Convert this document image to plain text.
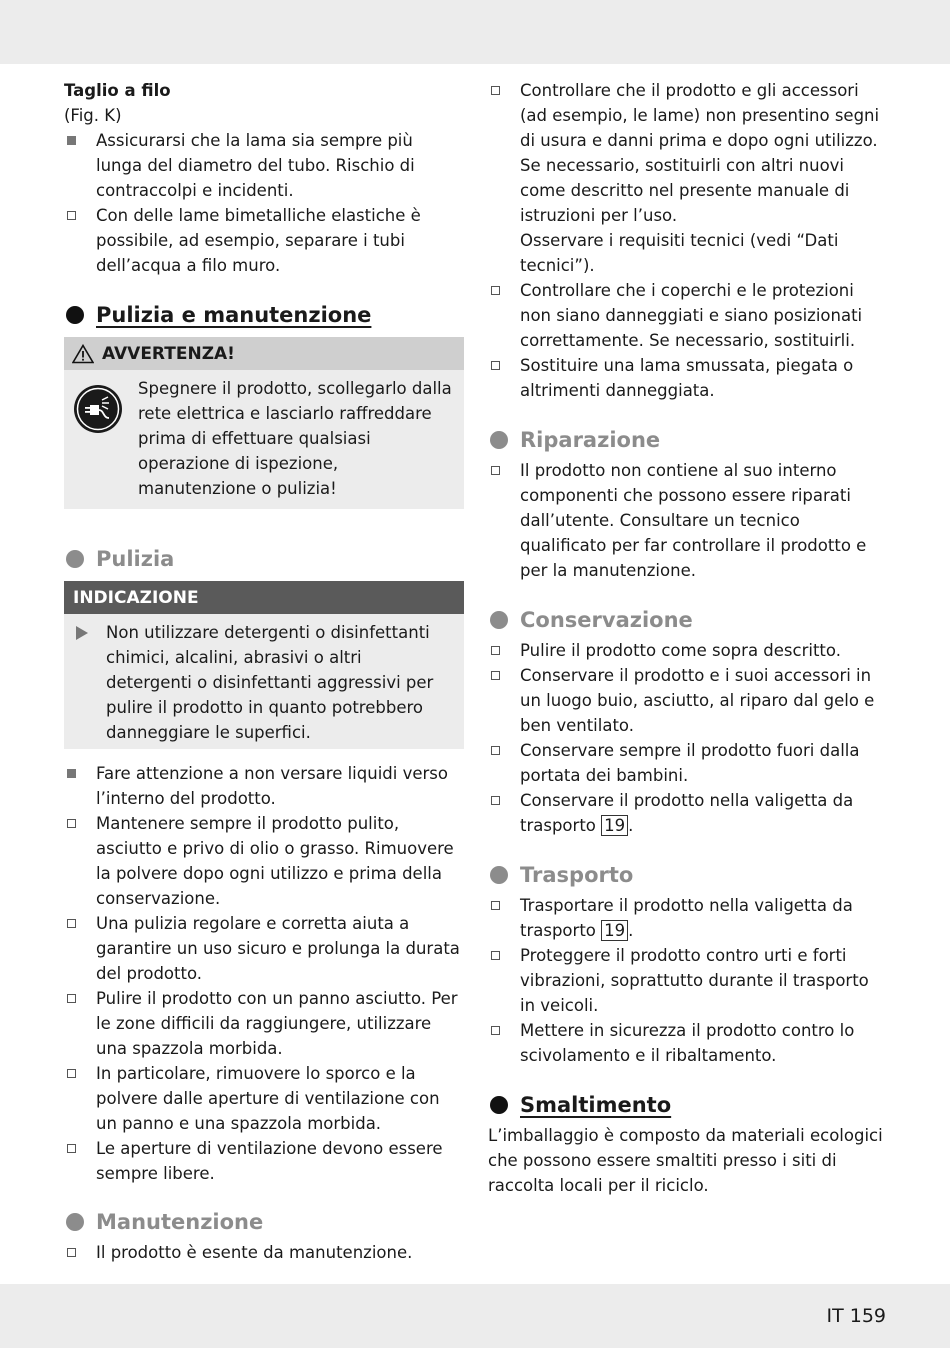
Taglio a filo
(Fig. K)
Assicurarsi che la lama sia sempre più lunga del diametro del tubo. Rischio di contraccolpi e incidenti.
Con delle lame bimetalliche elastiche è possibile, ad esempio, separare i tubi dell’acqua a filo muro.
Pulizia e manutenzione
AVVERTENZA!
Spegnere il prodotto, scollegarlo dalla rete elettrica e lasciarlo raffreddare prima di effettuare qualsiasi operazione di ispezione, manutenzione o pulizia!
Pulizia
INDICAZIONE
Non utilizzare detergenti o disinfettanti chimici, alcalini, abrasivi o altri detergenti o disinfettanti aggressivi per pulire il prodotto in quanto potrebbero danneggiare le superfici.
Fare attenzione a non versare liquidi verso l’interno del prodotto.
Mantenere sempre il prodotto pulito, asciutto e privo di olio o grasso. Rimuovere la polvere dopo ogni utilizzo e prima della conservazione.
Una pulizia regolare e corretta aiuta a garantire un uso sicuro e prolunga la durata del prodotto.
Pulire il prodotto con un panno asciutto. Per le zone difficili da raggiungere, utilizzare una spazzola morbida.
In particolare, rimuovere lo sporco e la polvere dalle aperture di ventilazione con un panno e una spazzola morbida.
Le aperture di ventilazione devono essere sempre libere.
Manutenzione
Il prodotto è esente da manutenzione.
Controllare che il prodotto e gli accessori (ad esempio, le lame) non presentino segni di usura e danni prima e dopo ogni utilizzo. Se necessario, sostituirli con altri nuovi come descritto nel presente manuale di istruzioni per l’uso.
Osservare i requisiti tecnici (vedi “Dati tecnici”).
Controllare che i coperchi e le protezioni non siano danneggiati e siano posizionati correttamente. Se necessario, sostituirli.
Sostituire una lama smussata, piegata o altrimenti danneggiata.
Riparazione
Il prodotto non contiene al suo interno componenti che possono essere riparati dall’utente. Consultare un tecnico qualificato per far controllare il prodotto e per la manutenzione.
Conservazione
Pulire il prodotto come sopra descritto.
Conservare il prodotto e i suoi accessori in un luogo buio, asciutto, al riparo dal gelo e ben ventilato.
Conservare sempre il prodotto fuori dalla portata dei bambini.
Conservare il prodotto nella valigetta da trasporto 19 .
Trasporto
Trasportare il prodotto nella valigetta da trasporto 19 .
Proteggere il prodotto contro urti e forti vibrazioni, soprattutto durante il trasporto in veicoli.
Mettere in sicurezza il prodotto contro lo scivolamento e il ribaltamento.
Smaltimento
L’imballaggio è composto da materiali ecologici che possono essere smaltiti presso i siti di raccolta locali per il riciclo.
IT 159
